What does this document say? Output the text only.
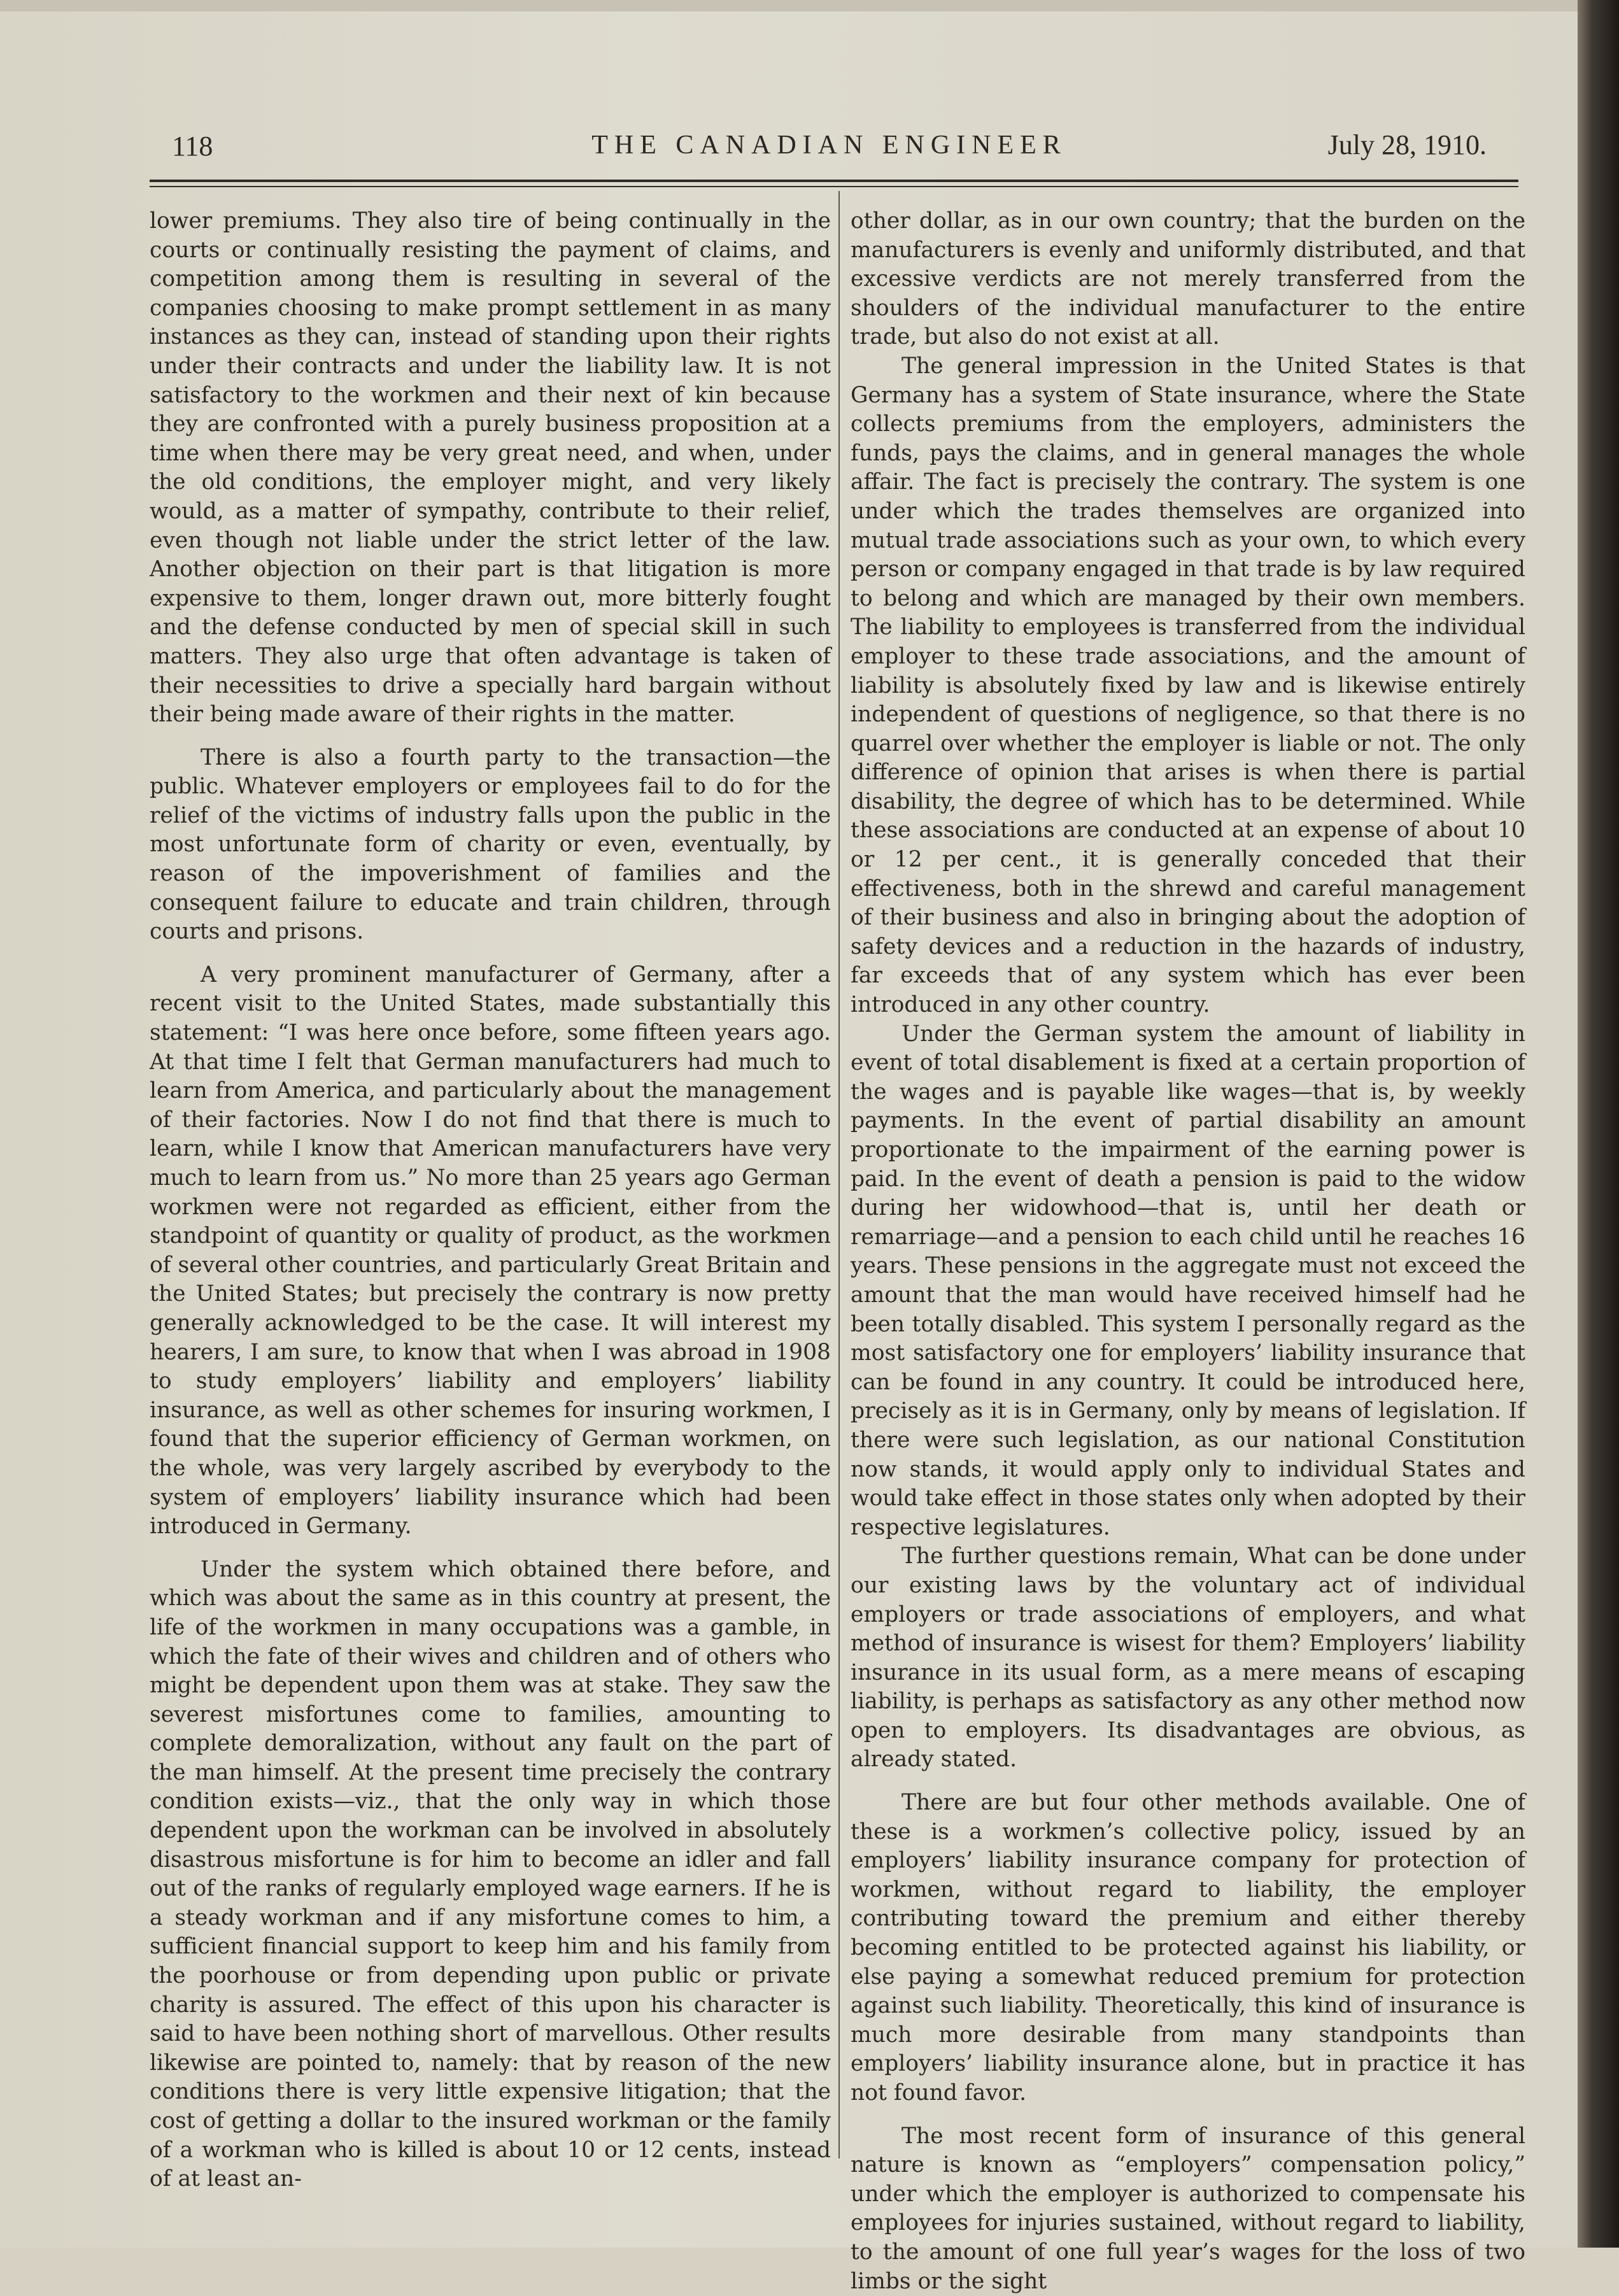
118	THE CANADIAN ENGINEER	July 28, 1910.

lower premiums. They also tire of being continually in the courts or continually resisting the payment of claims, and competition among them is resulting in several of the companies choosing to make prompt settlement in as many instances as they can, instead of standing upon their rights under their contracts and under the liability law. It is not satisfactory to the workmen and their next of kin because they are confronted with a purely business proposition at a time when there may be very great need, and when, under the old conditions, the employer might, and very likely would, as a matter of sympathy, contribute to their relief, even though not liable under the strict letter of the law. Another objection on their part is that litigation is more expensive to them, longer drawn out, more bitterly fought and the defense conducted by men of special skill in such matters. They also urge that often advantage is taken of their necessities to drive a specially hard bargain without their being made aware of their rights in the matter.

There is also a fourth party to the transaction—the public. Whatever employers or employees fail to do for the relief of the victims of industry falls upon the public in the most unfortunate form of charity or even, eventually, by reason of the impoverishment of families and the consequent failure to educate and train children, through courts and prisons.

A very prominent manufacturer of Germany, after a recent visit to the United States, made substantially this statement: “I was here once before, some fifteen years ago. At that time I felt that German manufacturers had much to learn from America, and particularly about the management of their factories. Now I do not find that there is much to learn, while I know that American manufacturers have very much to learn from us.” No more than 25 years ago German workmen were not regarded as efficient, either from the standpoint of quantity or quality of product, as the workmen of several other countries, and particularly Great Britain and the United States; but precisely the contrary is now pretty generally acknowledged to be the case. It will interest my hearers, I am sure, to know that when I was abroad in 1908 to study employers’ liability and employers’ liability insurance, as well as other schemes for insuring workmen, I found that the superior efficiency of German workmen, on the whole, was very largely ascribed by everybody to the system of employers’ liability insurance which had been introduced in Germany.

Under the system which obtained there before, and which was about the same as in this country at present, the life of the workmen in many occupations was a gamble, in which the fate of their wives and children and of others who might be dependent upon them was at stake. They saw the severest misfortunes come to families, amounting to complete demoralization, without any fault on the part of the man himself. At the present time precisely the contrary condition exists—viz., that the only way in which those dependent upon the workman can be involved in absolutely disastrous misfortune is for him to become an idler and fall out of the ranks of regularly employed wage earners. If he is a steady workman and if any misfortune comes to him, a sufficient financial support to keep him and his family from the poorhouse or from depending upon public or private charity is assured. The effect of this upon his character is said to have been nothing short of marvellous. Other results likewise are pointed to, namely: that by reason of the new conditions there is very little expensive litigation; that the cost of getting a dollar to the insured workman or the family of a workman who is killed is about 10 or 12 cents, instead of at least an-

other dollar, as in our own country; that the burden on the manufacturers is evenly and uniformly distributed, and that excessive verdicts are not merely transferred from the shoulders of the individual manufacturer to the entire trade, but also do not exist at all.

The general impression in the United States is that Germany has a system of State insurance, where the State collects premiums from the employers, administers the funds, pays the claims, and in general manages the whole affair. The fact is precisely the contrary. The system is one under which the trades themselves are organized into mutual trade associations such as your own, to which every person or company engaged in that trade is by law required to belong and which are managed by their own members. The liability to employees is transferred from the individual employer to these trade associations, and the amount of liability is absolutely fixed by law and is likewise entirely independent of questions of negligence, so that there is no quarrel over whether the employer is liable or not. The only difference of opinion that arises is when there is partial disability, the degree of which has to be determined. While these associations are conducted at an expense of about 10 or 12 per cent., it is generally conceded that their effectiveness, both in the shrewd and careful management of their business and also in bringing about the adoption of safety devices and a reduction in the hazards of industry, far exceeds that of any system which has ever been introduced in any other country.

Under the German system the amount of liability in event of total disablement is fixed at a certain proportion of the wages and is payable like wages—that is, by weekly payments. In the event of partial disability an amount proportionate to the impairment of the earning power is paid. In the event of death a pension is paid to the widow during her widowhood—that is, until her death or remarriage—and a pension to each child until he reaches 16 years. These pensions in the aggregate must not exceed the amount that the man would have received himself had he been totally disabled. This system I personally regard as the most satisfactory one for employers’ liability insurance that can be found in any country. It could be introduced here, precisely as it is in Germany, only by means of legislation. If there were such legislation, as our national Constitution now stands, it would apply only to individual States and would take effect in those states only when adopted by their respective legislatures.

The further questions remain, What can be done under our existing laws by the voluntary act of individual employers or trade associations of employers, and what method of insurance is wisest for them? Employers’ liability insurance in its usual form, as a mere means of escaping liability, is perhaps as satisfactory as any other method now open to employers. Its disadvantages are obvious, as already stated.

There are but four other methods available. One of these is a workmen’s collective policy, issued by an employers’ liability insurance company for protection of workmen, without regard to liability, the employer contributing toward the premium and either thereby becoming entitled to be protected against his liability, or else paying a somewhat reduced premium for protection against such liability. Theoretically, this kind of insurance is much more desirable from many standpoints than employers’ liability insurance alone, but in practice it has not found favor.

The most recent form of insurance of this general nature is known as “employers” compensation policy,” under which the employer is authorized to compensate his employees for injuries sustained, without regard to liability, to the amount of one full year’s wages for the loss of two limbs or the sight
